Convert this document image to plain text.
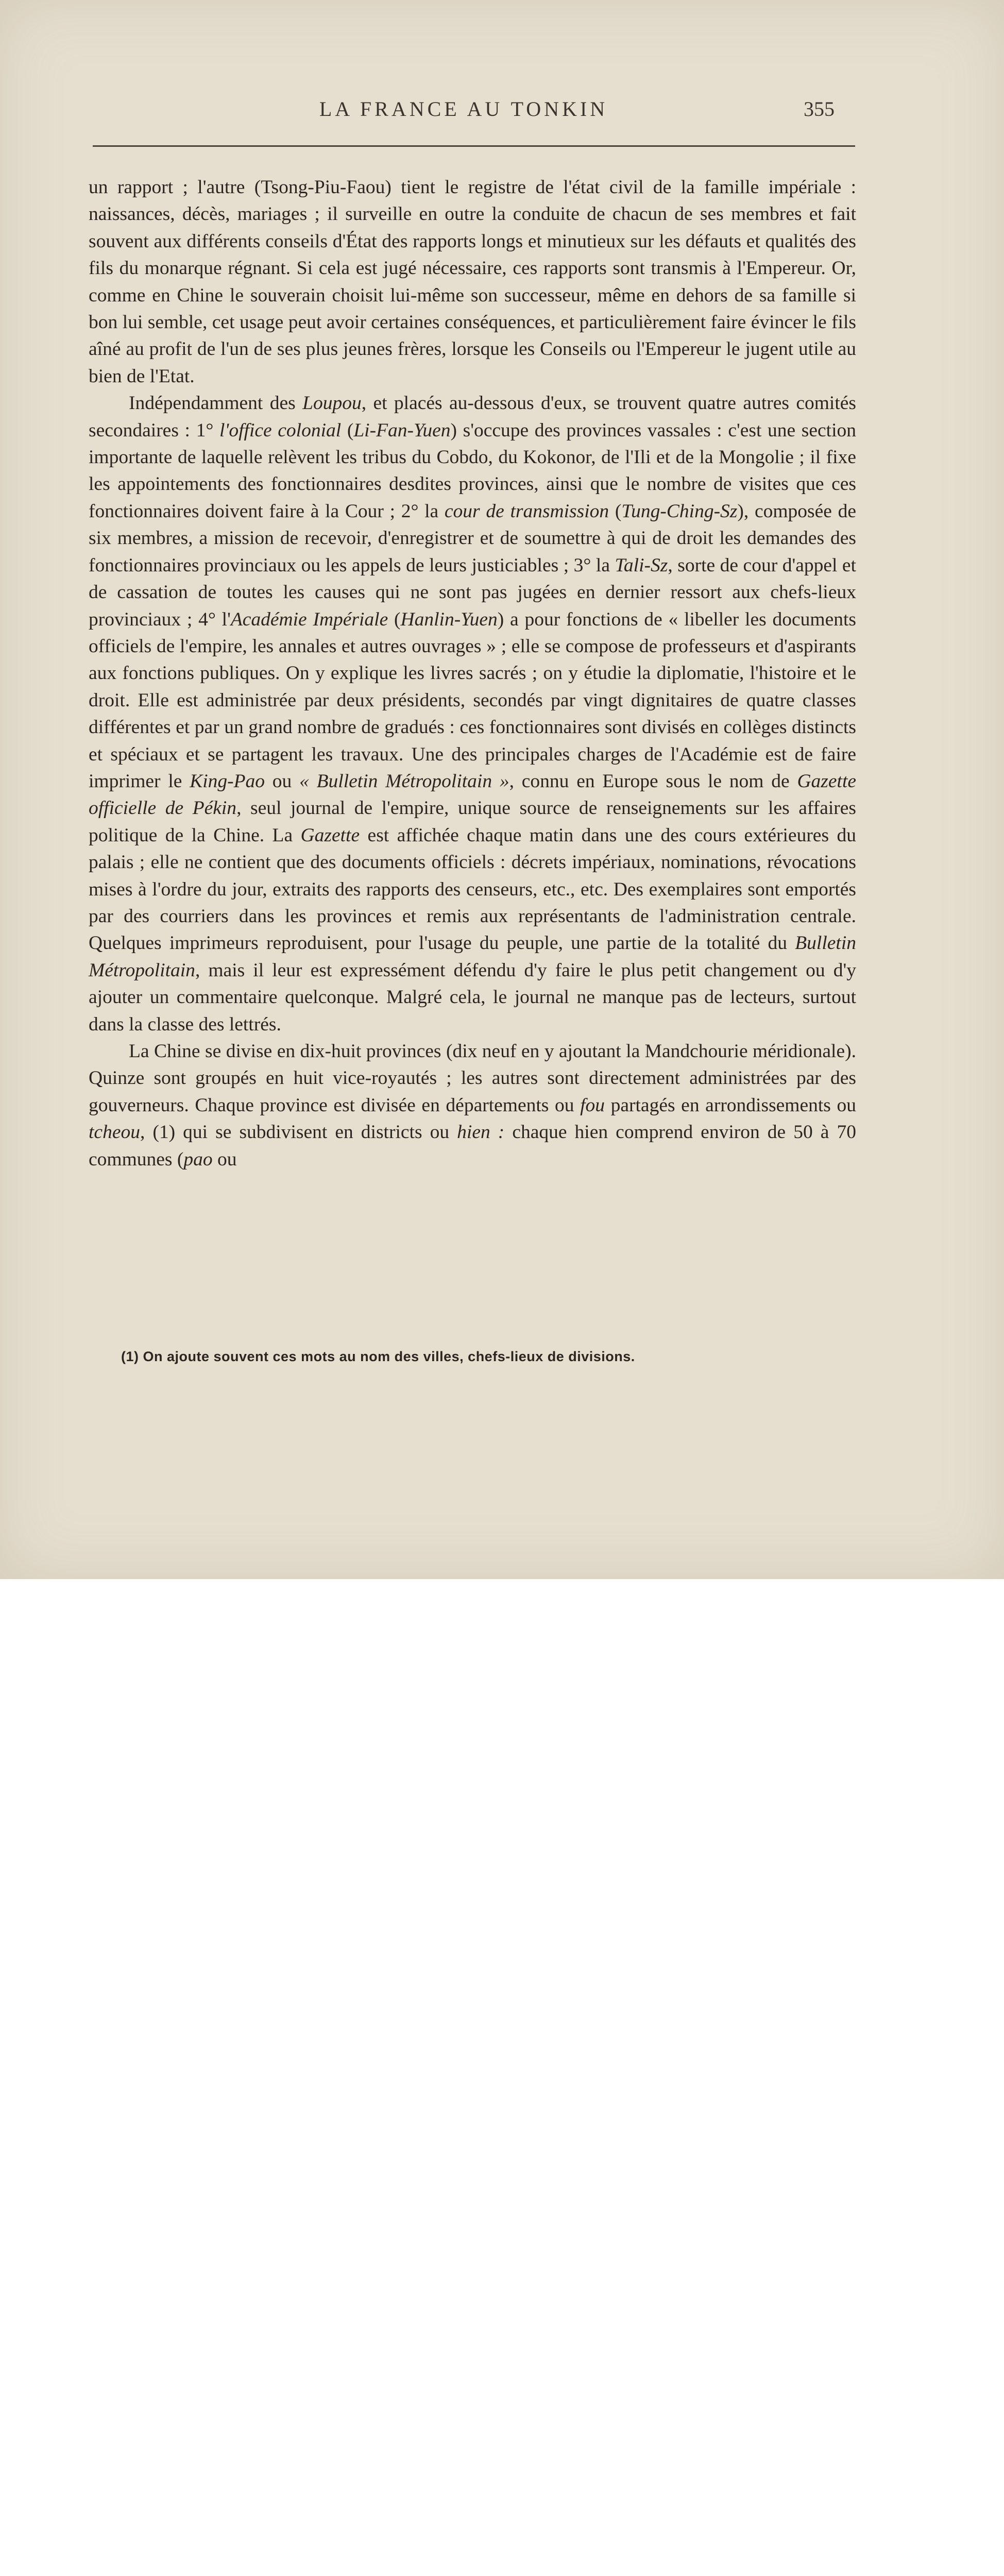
LA FRANCE AU TONKIN	355

un rapport ; l'autre (Tsong-Piu-Faou) tient le registre de l'état civil de la famille impériale : naissances, décès, mariages ; il surveille en outre la conduite de chacun de ses membres et fait souvent aux différents conseils d'État des rapports longs et minutieux sur les défauts et qualités des fils du monarque régnant. Si cela est jugé nécessaire, ces rapports sont transmis à l'Empereur. Or, comme en Chine le souverain choisit lui-même son successeur, même en dehors de sa famille si bon lui semble, cet usage peut avoir certaines conséquences, et particulièrement faire évincer le fils aîné au profit de l'un de ses plus jeunes frères, lorsque les Conseils ou l'Empereur le jugent utile au bien de l'Etat.

Indépendamment des Loupou, et placés au-dessous d'eux, se trouvent quatre autres comités secondaires : 1° l'office colonial (Li-Fan-Yuen) s'occupe des provinces vassales : c'est une section importante de laquelle relèvent les tribus du Cobdo, du Kokonor, de l'Ili et de la Mongolie ; il fixe les appointements des fonctionnaires desdites provinces, ainsi que le nombre de visites que ces fonctionnaires doivent faire à la Cour ; 2° la cour de transmission (Tung-Ching-Sz), composée de six membres, a mission de recevoir, d'enregistrer et de soumettre à qui de droit les demandes des fonctionnaires provinciaux ou les appels de leurs justiciables ; 3° la Tali-Sz, sorte de cour d'appel et de cassation de toutes les causes qui ne sont pas jugées en dernier ressort aux chefs-lieux provinciaux ; 4° l'Académie Impériale (Hanlin-Yuen) a pour fonctions de « libeller les documents officiels de l'empire, les annales et autres ouvrages » ; elle se compose de professeurs et d'aspirants aux fonctions publiques. On y explique les livres sacrés ; on y étudie la diplomatie, l'histoire et le droit. Elle est administrée par deux présidents, secondés par vingt dignitaires de quatre classes différentes et par un grand nombre de gradués : ces fonctionnaires sont divisés en collèges distincts et spéciaux et se partagent les travaux. Une des principales charges de l'Académie est de faire imprimer le King-Pao ou « Bulletin Métropolitain », connu en Europe sous le nom de Gazette officielle de Pékin, seul journal de l'empire, unique source de renseignements sur les affaires politique de la Chine. La Gazette est affichée chaque matin dans une des cours extérieures du palais ; elle ne contient que des documents officiels : décrets impériaux, nominations, révocations mises à l'ordre du jour, extraits des rapports des censeurs, etc., etc. Des exemplaires sont emportés par des courriers dans les provinces et remis aux représentants de l'administration centrale. Quelques imprimeurs reproduisent, pour l'usage du peuple, une partie de la totalité du Bulletin Métropolitain, mais il leur est expressément défendu d'y faire le plus petit changement ou d'y ajouter un commentaire quelconque. Malgré cela, le journal ne manque pas de lecteurs, surtout dans la classe des lettrés.

La Chine se divise en dix-huit provinces (dix neuf en y ajoutant la Mandchourie méridionale). Quinze sont groupés en huit vice-royautés ; les autres sont directement administrées par des gouverneurs. Chaque province est divisée en départements ou fou partagés en arrondissements ou tcheou, (1) qui se subdivisent en districts ou hien : chaque hien comprend environ de 50 à 70 communes (pao ou

(1) On ajoute souvent ces mots au nom des villes, chefs-lieux de divisions.
